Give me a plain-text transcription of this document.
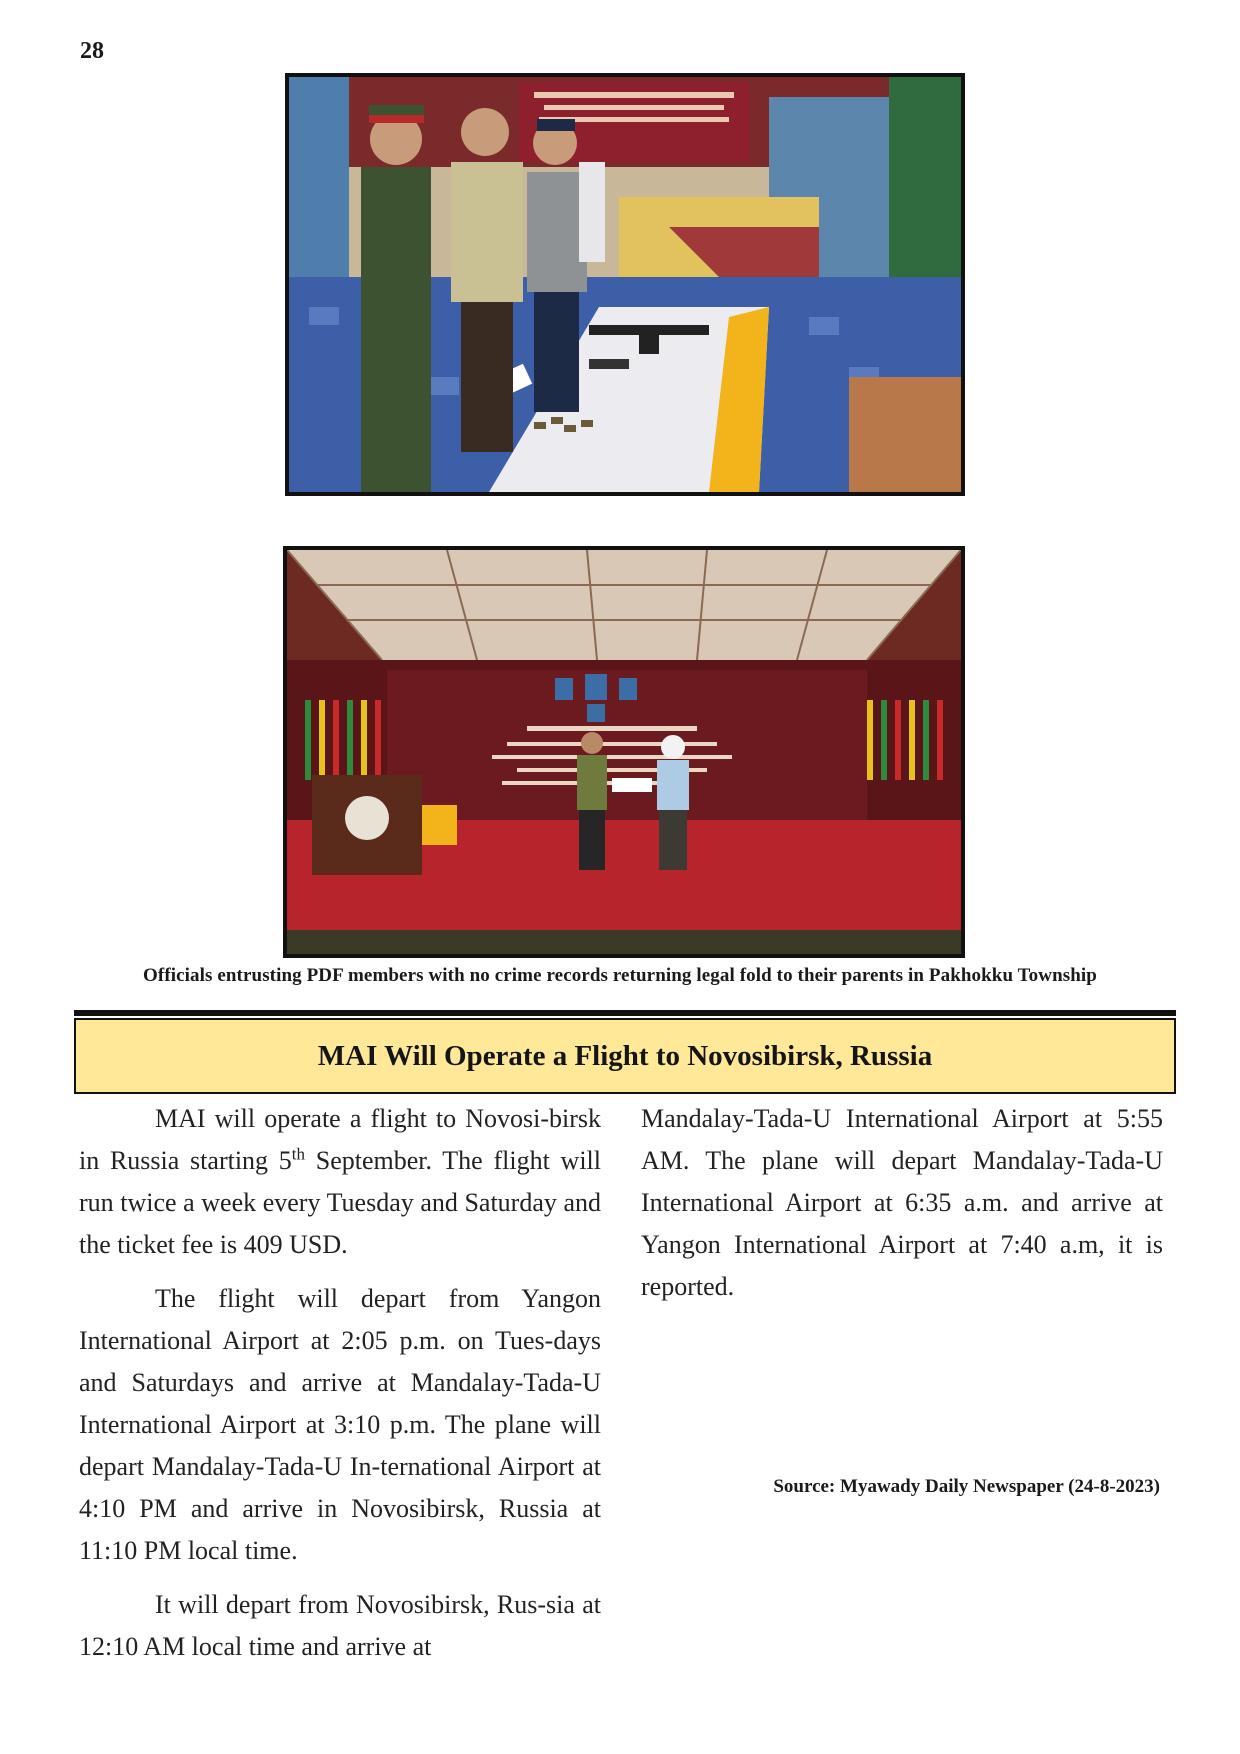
28
Officials entrusting PDF members with no crime records returning legal fold to their parents in Pakhokku Township
MAI Will Operate a Flight to Novosibirsk, Russia

MAI will operate a flight to Novosi-birsk in Russia starting 5th September. The flight will run twice a week every Tuesday and Saturday and the ticket fee is 409 USD.

The flight will depart from Yangon International Airport at 2:05 p.m. on Tues-days and Saturdays and arrive at Mandalay-Tada-U International Airport at 3:10 p.m. The plane will depart Mandalay-Tada-U In-ternational Airport at 4:10 PM and arrive in Novosibirsk, Russia at 11:10 PM local time.

It will depart from Novosibirsk, Rus-sia at 12:10 AM local time and arrive at

Mandalay-Tada-U International Airport at 5:55 AM. The plane will depart Mandalay-Tada-U International Airport at 6:35 a.m. and arrive at Yangon International Airport at 7:40 a.m, it is reported.

Source: Myawady Daily Newspaper (24-8-2023)
